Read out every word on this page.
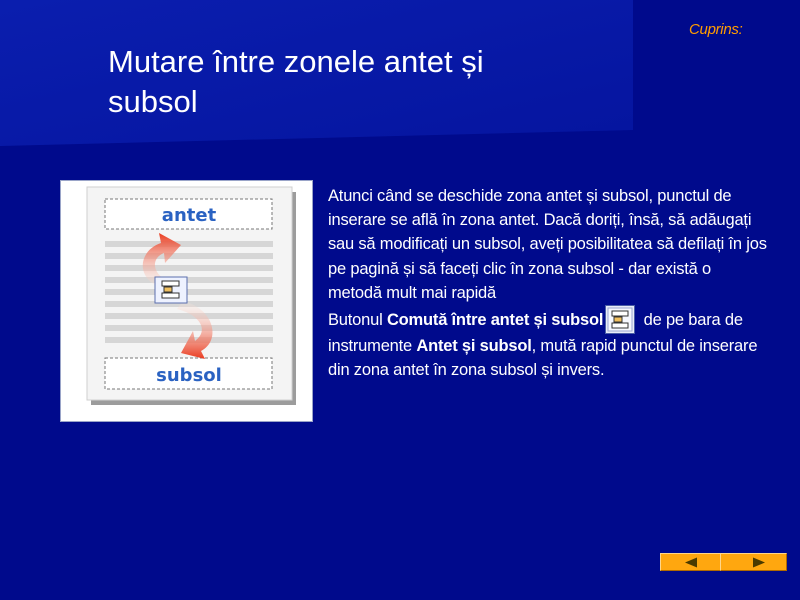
Cuprins:
Mutare între zonele antet și subsol
antet
subsol
Atunci când se deschide zona antet și subsol, punctul de inserare se află în zona antet. Dacă doriți, însă, să adăugați sau să modificați un subsol, aveți posibilitatea să defilați în jos pe pagină și să faceți clic în zona subsol - dar există o metodă mult mai rapidă
Butonul Comută între antet și subsol de pe bara de instrumente Antet și subsol, mută rapid punctul de inserare din zona antet în zona subsol și invers.
